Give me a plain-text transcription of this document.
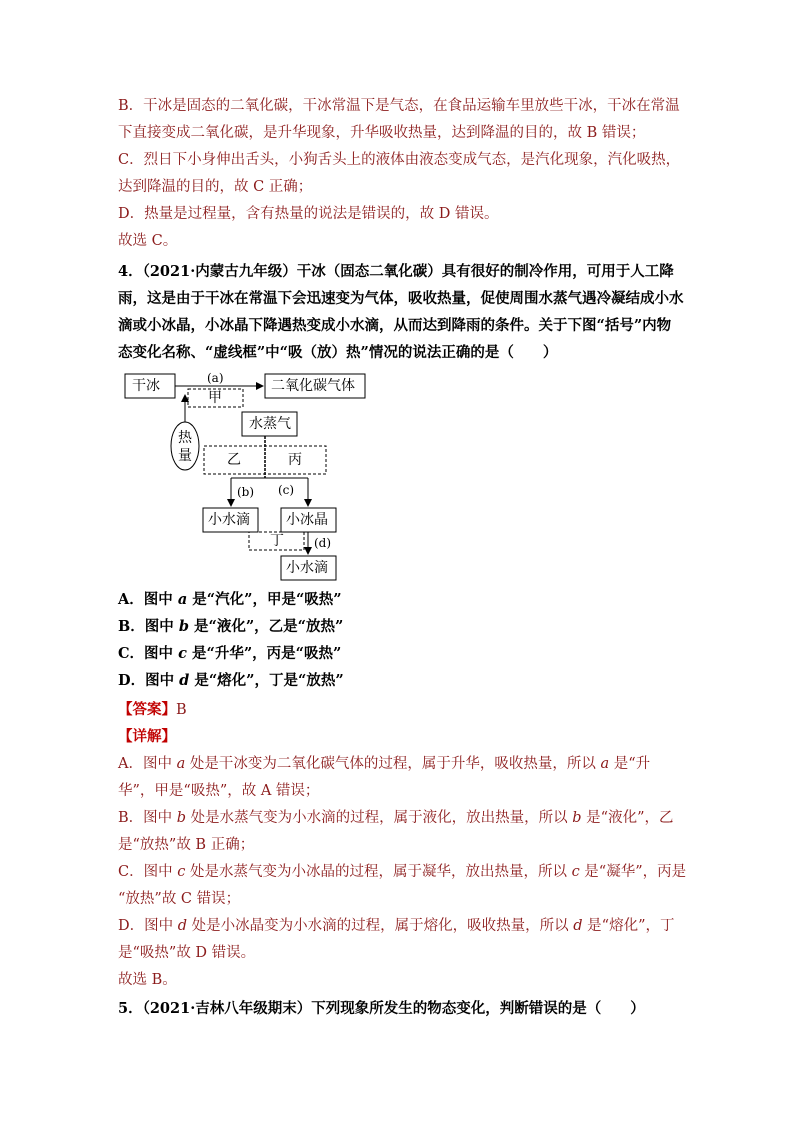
B．干冰是固态的二氧化碳，干冰常温下是气态，在食品运输车里放些干冰，干冰在常温
下直接变成二氧化碳，是升华现象，升华吸收热量，达到降温的目的，故 B 错误；
C．烈日下小身伸出舌头，小狗舌头上的液体由液态变成气态，是汽化现象，汽化吸热，
达到降温的目的，故 C 正确；
D．热量是过程量，含有热量的说法是错误的，故 D 错误。
故选 C。
4．（2021·内蒙古九年级）干冰（固态二氧化碳）具有很好的制冷作用，可用于人工降
雨，这是由于干冰在常温下会迅速变为气体，吸收热量，促使周围水蒸气遇冷凝结成小水
滴或小冰晶，小冰晶下降遇热变成小水滴，从而达到降雨的条件。关于下图“括号”内物
态变化名称、“虚线框”中“吸（放）热”情况的说法正确的是（　　）
干冰	二氧化碳气体
(a)
甲
热
量
水蒸气
乙	丙
(b) (c)
小水滴	小冰晶
丁	(d)
小水滴
A．图中 a 是“汽化”，甲是“吸热”
B．图中 b 是“液化”，乙是“放热”
C．图中 c 是“升华”，丙是“吸热”
D．图中 d 是“熔化”，丁是“放热”
【答案】B
【详解】
A．图中 a 处是干冰变为二氧化碳气体的过程，属于升华，吸收热量，所以 a 是“升
华”，甲是“吸热”，故 A 错误；
B．图中 b 处是水蒸气变为小水滴的过程，属于液化，放出热量，所以 b 是“液化”，乙
是“放热”故 B 正确；
C．图中 c 处是水蒸气变为小冰晶的过程，属于凝华，放出热量，所以 c 是“凝华”，丙是
“放热”故 C 错误；
D．图中 d 处是小冰晶变为小水滴的过程，属于熔化，吸收热量，所以 d 是“熔化”，丁
是“吸热”故 D 错误。
故选 B。
5．（2021·吉林八年级期末）下列现象所发生的物态变化，判断错误的是（　　）
